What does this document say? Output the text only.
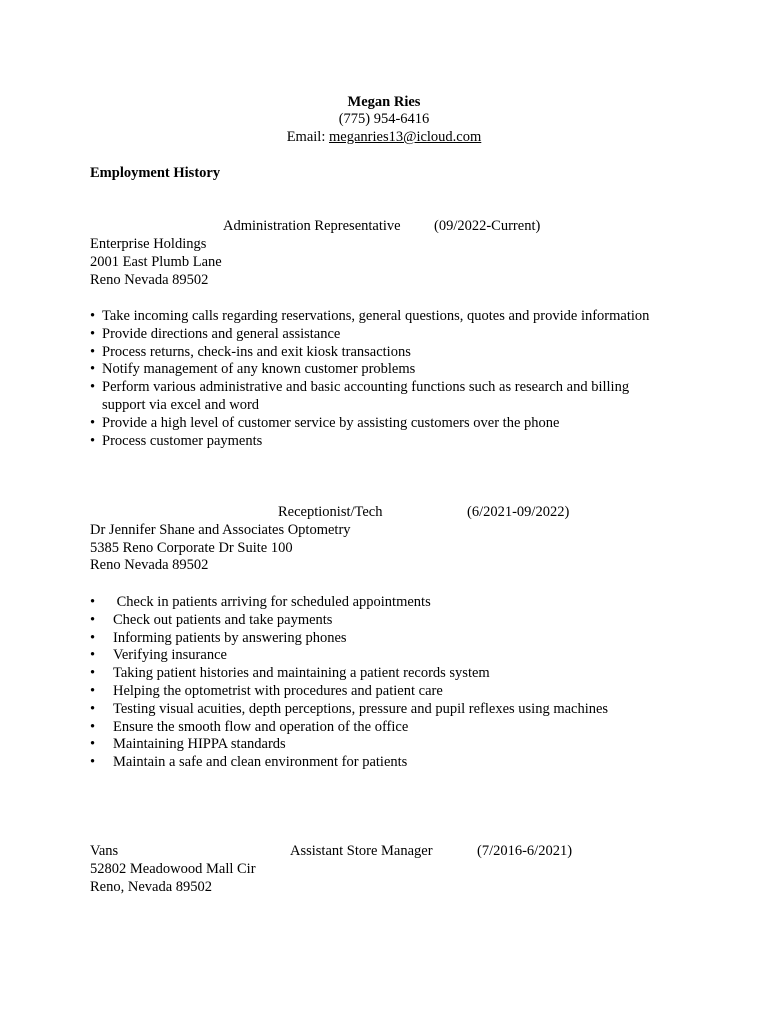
Megan Ries
(775) 954-6416
Email: meganries13@icloud.com
Employment History
Administration Representative (09/2022-Current)
Enterprise Holdings
2001 East Plumb Lane
Reno Nevada 89502
• Take incoming calls regarding reservations, general questions, quotes and provide information
• Provide directions and general assistance
• Process returns, check-ins and exit kiosk transactions
• Notify management of any known customer problems
• Perform various administrative and basic accounting functions such as research and billing support via excel and word
• Provide a high level of customer service by assisting customers over the phone
• Process customer payments
Receptionist/Tech	(6/2021-09/2022)
Dr Jennifer Shane and Associates Optometry
5385 Reno Corporate Dr Suite 100
Reno Nevada 89502
• Check in patients arriving for scheduled appointments
• Check out patients and take payments
• Informing patients by answering phones
• Verifying insurance
• Taking patient histories and maintaining a patient records system
• Helping the optometrist with procedures and patient care
• Testing visual acuities, depth perceptions, pressure and pupil reflexes using machines
• Ensure the smooth flow and operation of the office
• Maintaining HIPPA standards
• Maintain a safe and clean environment for patients
Vans	Assistant Store Manager	(7/2016-6/2021)
52802 Meadowood Mall Cir
Reno, Nevada 89502
